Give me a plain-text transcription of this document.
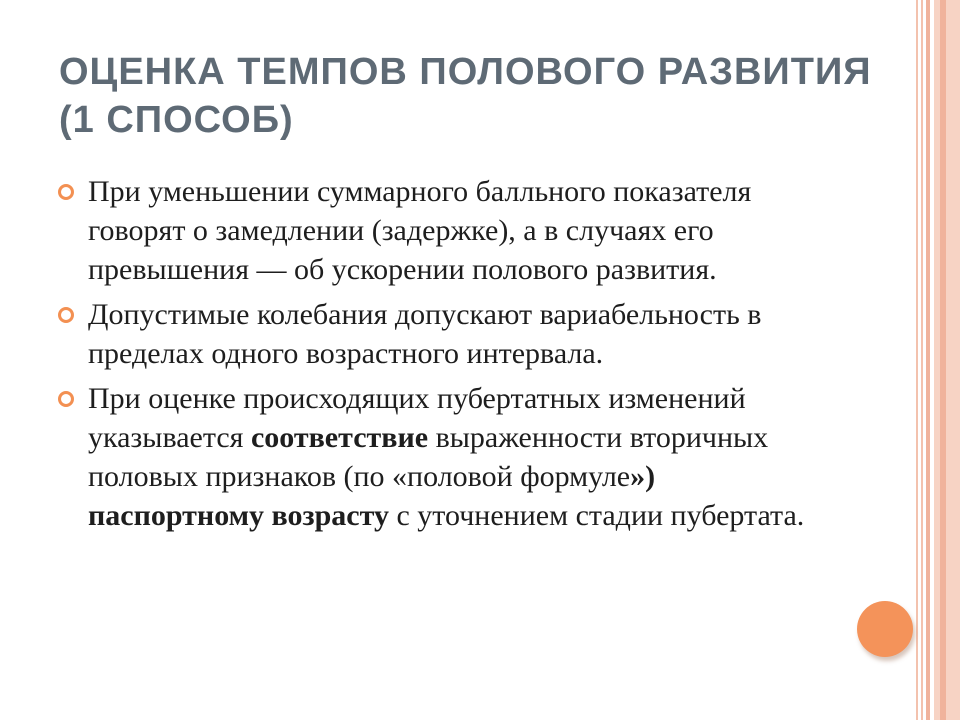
ОЦЕНКА ТЕМПОВ ПОЛОВОГО РАЗВИТИЯ (1 СПОСОБ)
При уменьшении суммарного балльного показателя говорят о замедлении (задержке), а в случаях его превышения — об ускорении полового развития.
Допустимые колебания допускают вариабельность в пределах одного возрастного интервала.
При оценке происходящих пубертатных изменений указывается соответствие выраженности вторичных половых признаков (по «половой формуле») паспортному возрасту с уточнением стадии пубертата.
